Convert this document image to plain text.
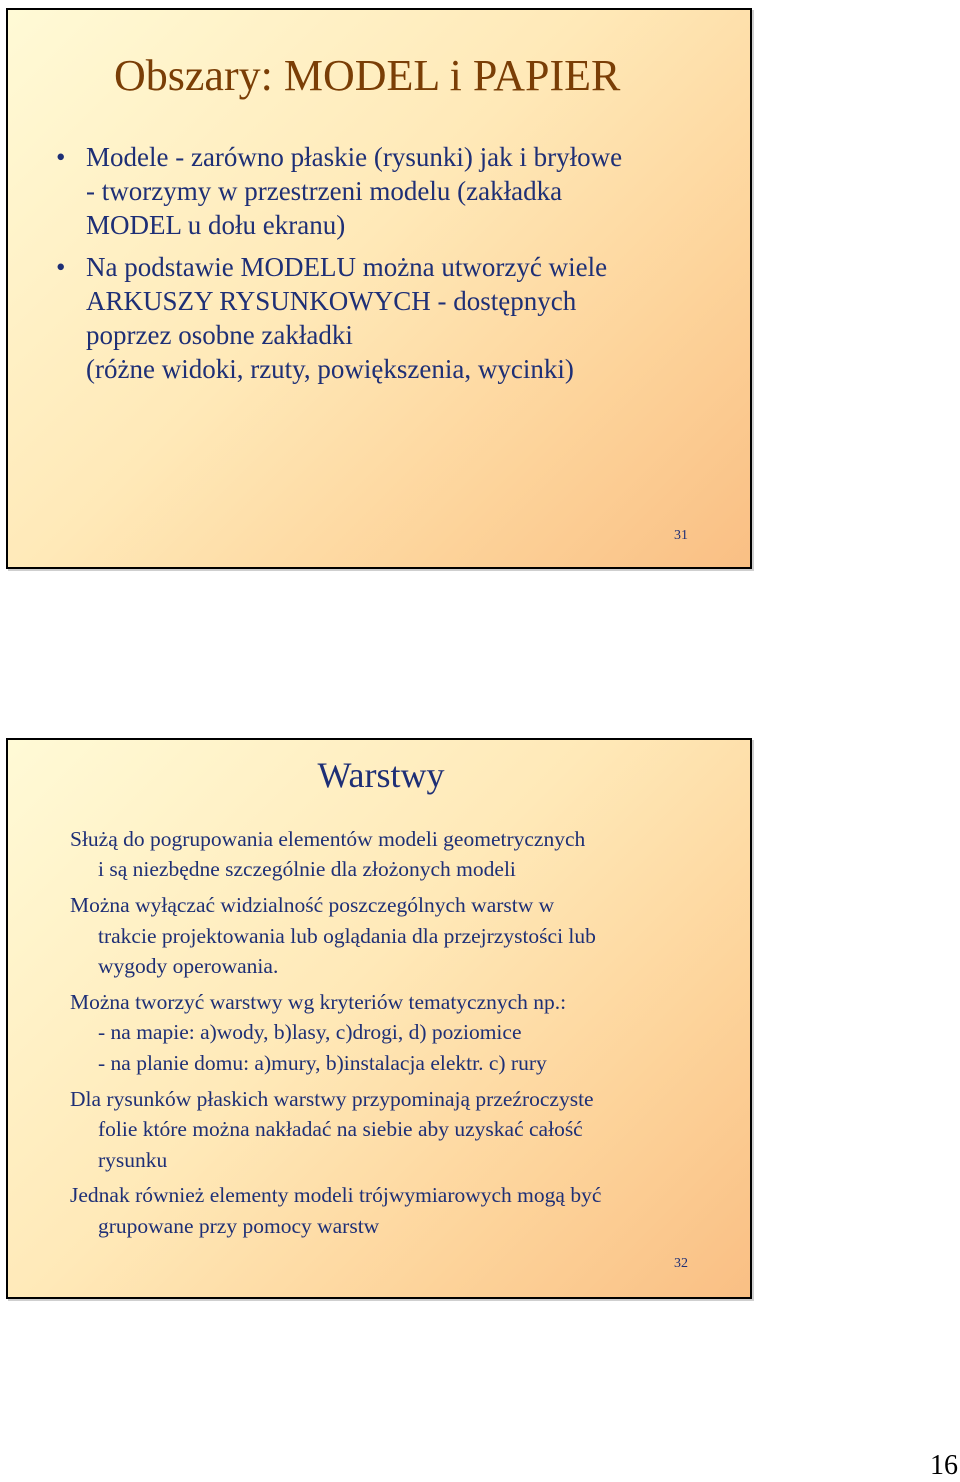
Obszary: MODEL i PAPIER
• Modele - zarówno płaskie (rysunki) jak i bryłowe
- tworzymy w przestrzeni modelu (zakładka
MODEL u dołu ekranu)
• Na podstawie MODELU można utworzyć wiele
ARKUSZY RYSUNKOWYCH - dostępnych
poprzez osobne zakładki
(różne widoki, rzuty, powiększenia, wycinki)
31
Warstwy
Służą do pogrupowania elementów modeli geometrycznych
i są niezbędne szczególnie dla złożonych modeli
Można wyłączać widzialność poszczególnych warstw w
trakcie projektowania lub oglądania dla przejrzystości lub
wygody operowania.
Można tworzyć warstwy wg kryteriów tematycznych np.:
- na mapie: a)wody, b)lasy, c)drogi, d) poziomice
- na planie domu: a)mury, b)instalacja elektr. c) rury
Dla rysunków płaskich warstwy przypominają przeźroczyste
folie które można nakładać na siebie aby uzyskać całość
rysunku
Jednak również elementy modeli trójwymiarowych mogą być
grupowane przy pomocy warstw
32
16
